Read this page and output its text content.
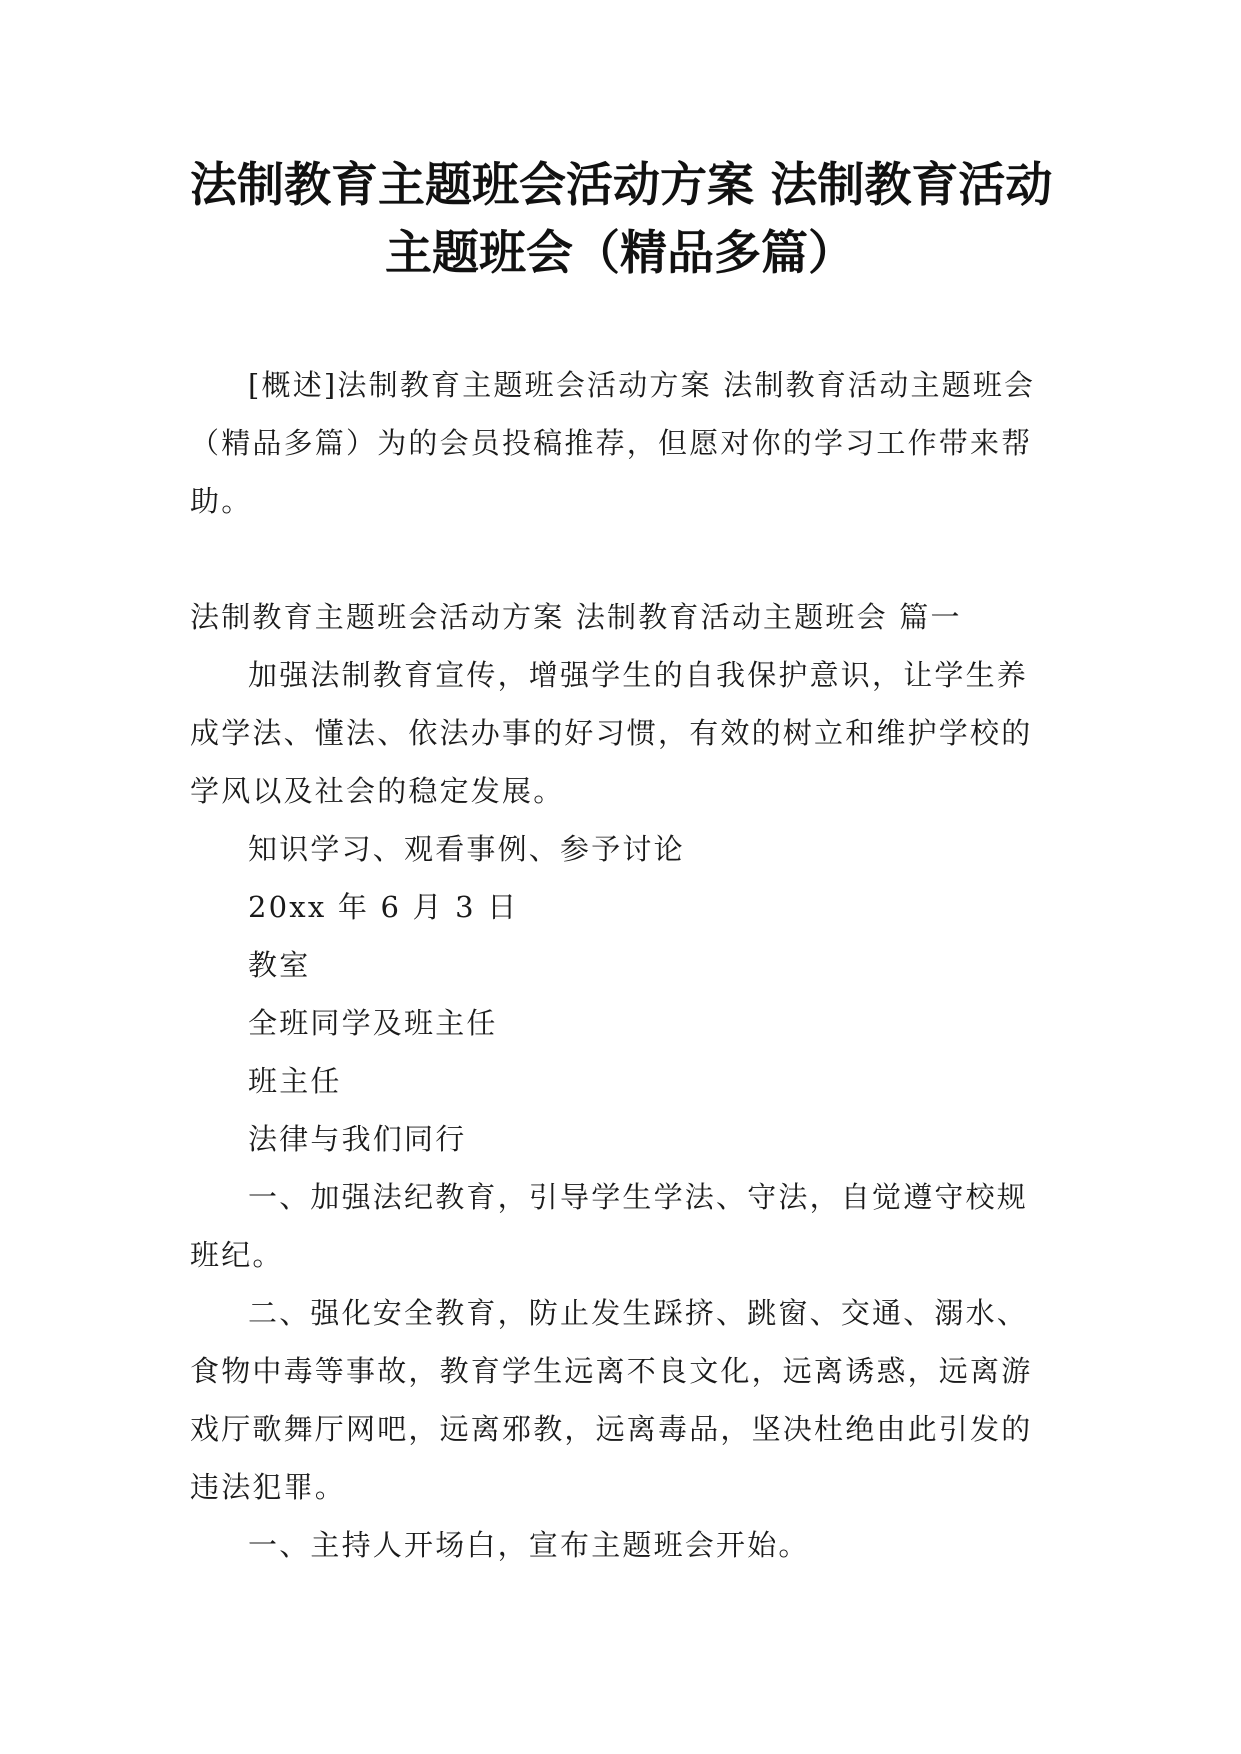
法制教育主题班会活动方案 法制教育活动
主题班会（精品多篇）

[概述]法制教育主题班会活动方案 法制教育活动主题班会（精品多篇）为的会员投稿推荐，但愿对你的学习工作带来帮助。

法制教育主题班会活动方案 法制教育活动主题班会 篇一

加强法制教育宣传，增强学生的自我保护意识，让学生养成学法、懂法、依法办事的好习惯，有效的树立和维护学校的学风以及社会的稳定发展。

知识学习、观看事例、参予讨论

20xx 年 6 月 3 日

教室

全班同学及班主任

班主任

法律与我们同行

一、加强法纪教育，引导学生学法、守法，自觉遵守校规班纪。

二、强化安全教育，防止发生踩挤、跳窗、交通、溺水、食物中毒等事故，教育学生远离不良文化，远离诱惑，远离游戏厅歌舞厅网吧，远离邪教，远离毒品，坚决杜绝由此引发的违法犯罪。

一、主持人开场白，宣布主题班会开始。
